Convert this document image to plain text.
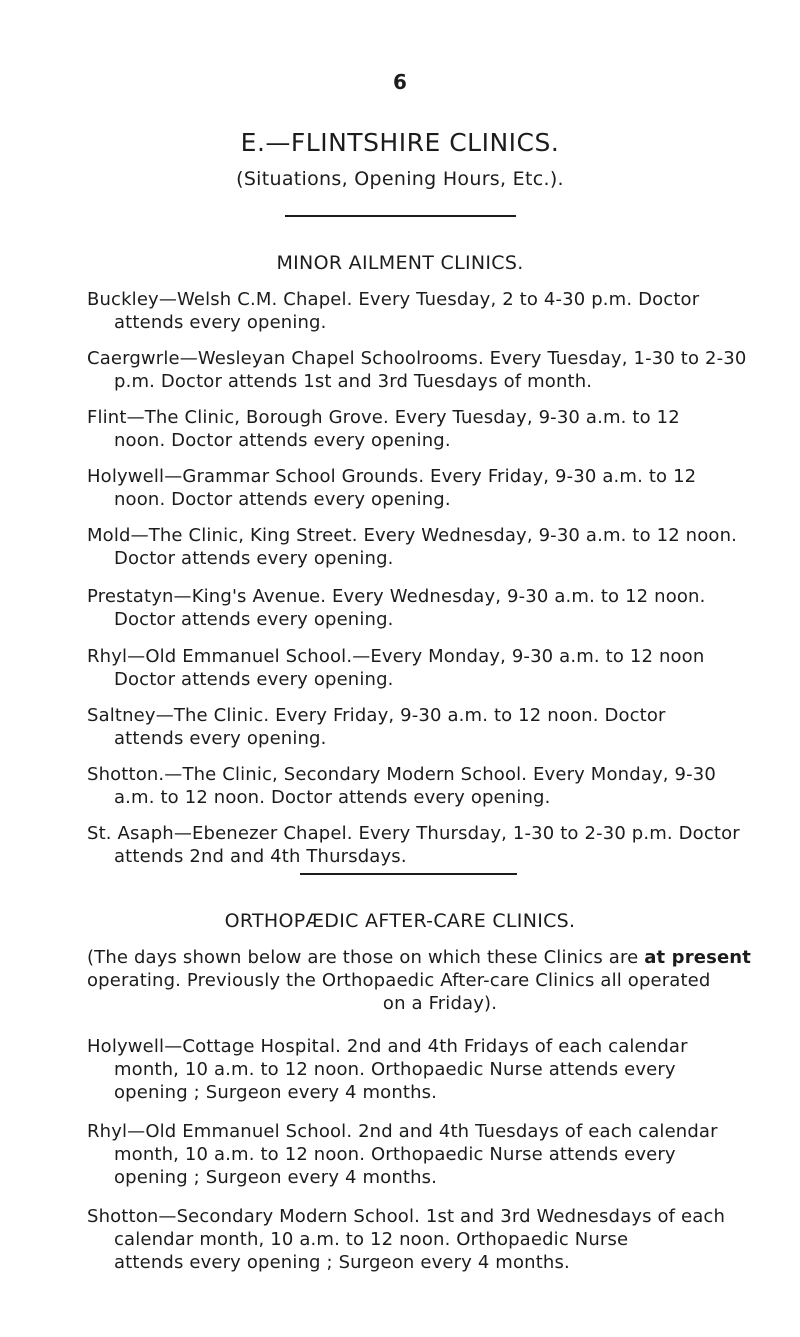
6
E.—FLINTSHIRE CLINICS.
(Situations, Opening Hours, Etc.).
MINOR AILMENT CLINICS.
Buckley—Welsh C.M. Chapel. Every Tuesday, 2 to 4-30 p.m. Doctor
attends every opening.
Caergwrle—Wesleyan Chapel Schoolrooms. Every Tuesday, 1-30 to 2-30
p.m. Doctor attends 1st and 3rd Tuesdays of month.
Flint—The Clinic, Borough Grove. Every Tuesday, 9-30 a.m. to 12
noon. Doctor attends every opening.
Holywell—Grammar School Grounds. Every Friday, 9-30 a.m. to 12
noon. Doctor attends every opening.
Mold—The Clinic, King Street. Every Wednesday, 9-30 a.m. to 12 noon.
Doctor attends every opening.
Prestatyn—King's Avenue. Every Wednesday, 9-30 a.m. to 12 noon.
Doctor attends every opening.
Rhyl—Old Emmanuel School.—Every Monday, 9-30 a.m. to 12 noon
Doctor attends every opening.
Saltney—The Clinic. Every Friday, 9-30 a.m. to 12 noon. Doctor
attends every opening.
ORTHOPÆDIC AFTER-CARE CLINICS.
(The days shown below are those on which these Clinics are at present
operating. Previously the Orthopaedic After-care Clinics all operated
on a Friday).
Holywell—Cottage Hospital. 2nd and 4th Fridays of each calendar
month, 10 a.m. to 12 noon. Orthopaedic Nurse attends every
opening ; Surgeon every 4 months.
Rhyl—Old Emmanuel School. 2nd and 4th Tuesdays of each calendar
month, 10 a.m. to 12 noon. Orthopaedic Nurse attends every
opening ; Surgeon every 4 months.
Shotton—Secondary Modern School. 1st and 3rd Wednesdays of each
calendar month, 10 a.m. to 12 noon. Orthopaedic Nurse
attends every opening ; Surgeon every 4 months.
Shotton.—The Clinic, Secondary Modern School. Every Monday, 9-30
a.m. to 12 noon. Doctor attends every opening.
St. Asaph—Ebenezer Chapel. Every Thursday, 1-30 to 2-30 p.m. Doctor
attends 2nd and 4th Thursdays.
